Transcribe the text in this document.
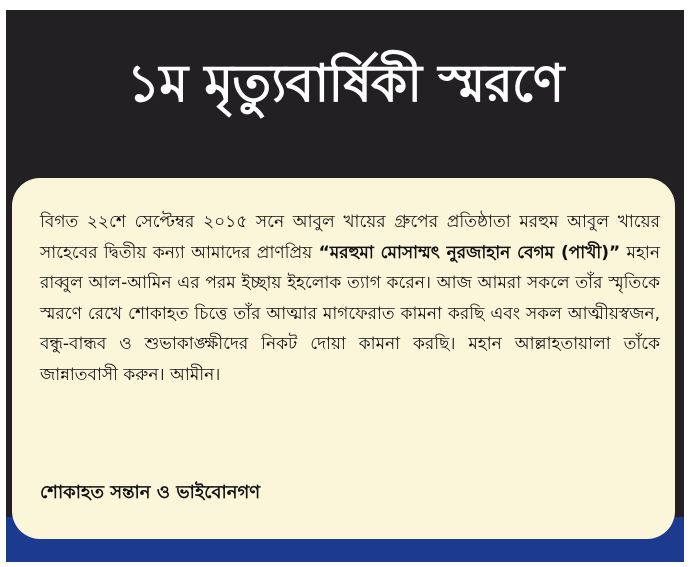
১ম মৃত্যুবার্ষিকী স্মরণে

বিগত ২২শে সেপ্টেম্বর ২০১৫ সনে আবুল খায়ের গ্রুপের প্রতিষ্ঠাতা মরহুম আবুল খায়ের সাহেবের দ্বিতীয় কন্যা আমাদের প্রাণপ্রিয় “মরহুমা মোসাম্মৎ নুরজাহান বেগম (পাখী)” মহান রাব্বুল আল-আমিন এর পরম ইচ্ছায় ইহলোক ত্যাগ করেন। আজ আমরা সকলে তাঁর স্মৃতিকে স্মরণে রেখে শোকাহত চিত্তে তাঁর আত্মার মাগফেরাত কামনা করছি এবং সকল আত্মীয়স্বজন, বন্ধু-বান্ধব ও শুভাকাঙ্ক্ষীদের নিকট দোয়া কামনা করছি। মহান আল্লাহতায়ালা তাঁকে জান্নাতবাসী করুন। আমীন।

শোকাহত সন্তান ও ভাইবোনগণ
